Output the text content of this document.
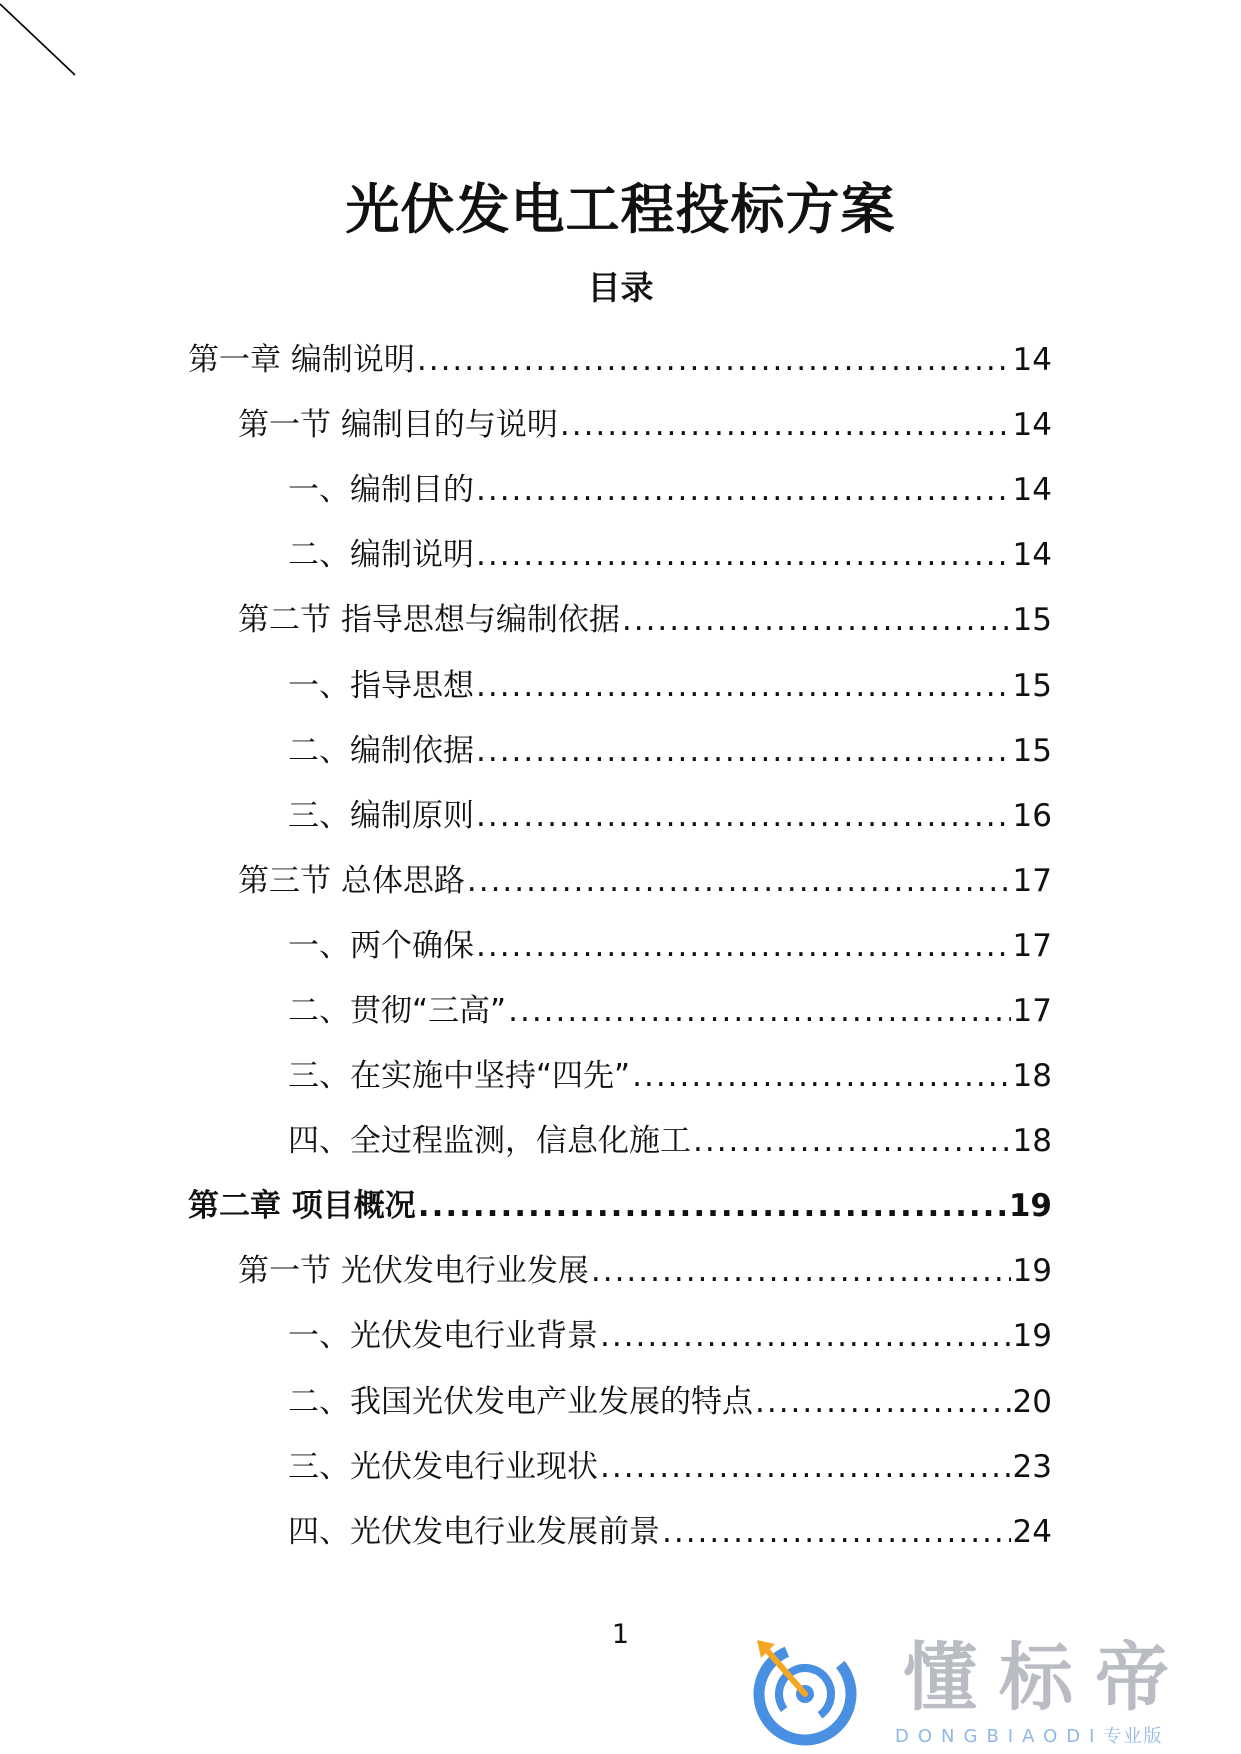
光伏发电工程投标方案
目录
第一章 编制说明 .....	14
第一节 编制目的与说明 .....	14
一、编制目的 .....	14
二、编制说明 .....	14
第二节 指导思想与编制依据 .....	15
一、指导思想 .....	15
二、编制依据 .....	15
三、编制原则 .....	16
第三节 总体思路 .....	17
一、两个确保 .....	17
二、贯彻“三高” .....	17
三、在实施中坚持“四先” .....	18
四、全过程监测，信息化施工 .....	18
第二章 项目概况 .....	19
第一节 光伏发电行业发展 .....	19
一、光伏发电行业背景 .....	19
二、我国光伏发电产业发展的特点 .....	20
三、光伏发电行业现状 .....	23
四、光伏发电行业发展前景 .....	24
1
懂标帝
DONGBIAODI专业版
